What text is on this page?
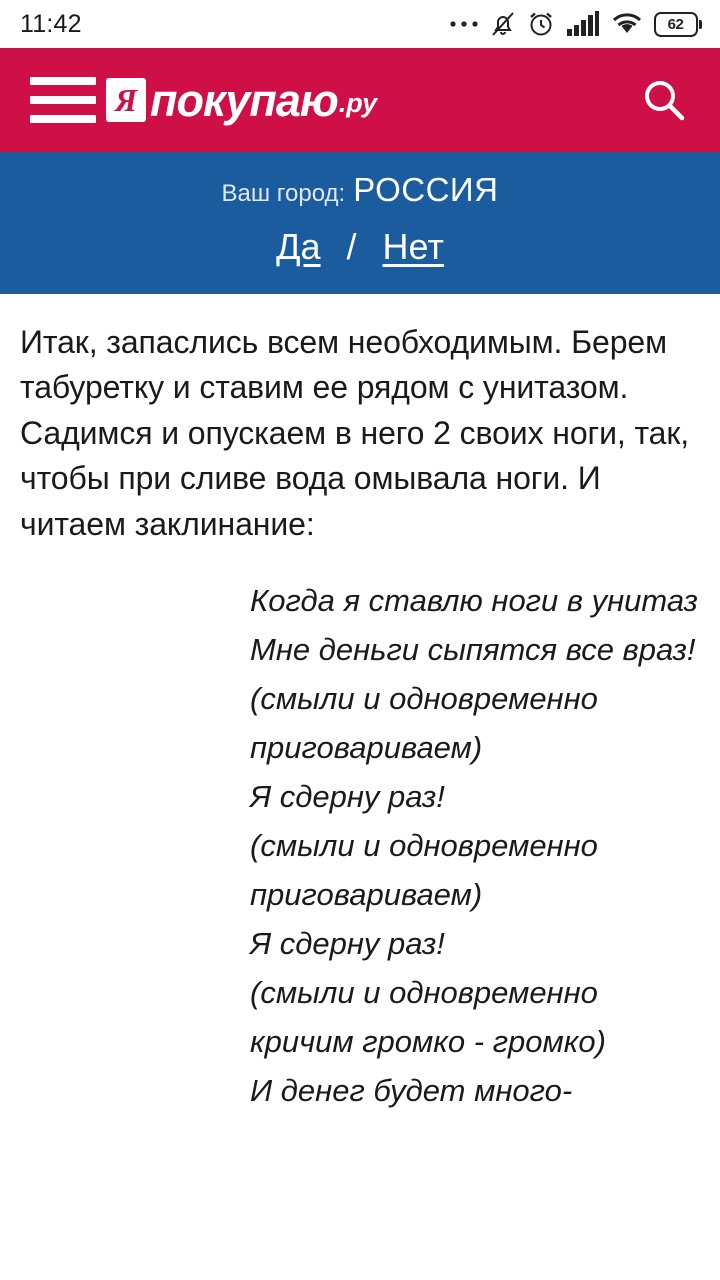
11:42	62
Я покупаю .ру
Ваш город: РОССИЯ
Да / Нет

Итак, запаслись всем необходимым. Берем табуретку и ставим ее рядом с унитазом. Садимся и опускаем в него 2 своих ноги, так, чтобы при сливе вода омывала ноги. И читаем заклинание:

Когда я ставлю ноги в унитаз
Мне деньги сыпятся все враз!
(смыли и одновременно приговариваем)
Я сдерну раз!
(смыли и одновременно приговариваем)
Я сдерну раз!
(смыли и одновременно кричим громко - громко)
И денег будет много-
